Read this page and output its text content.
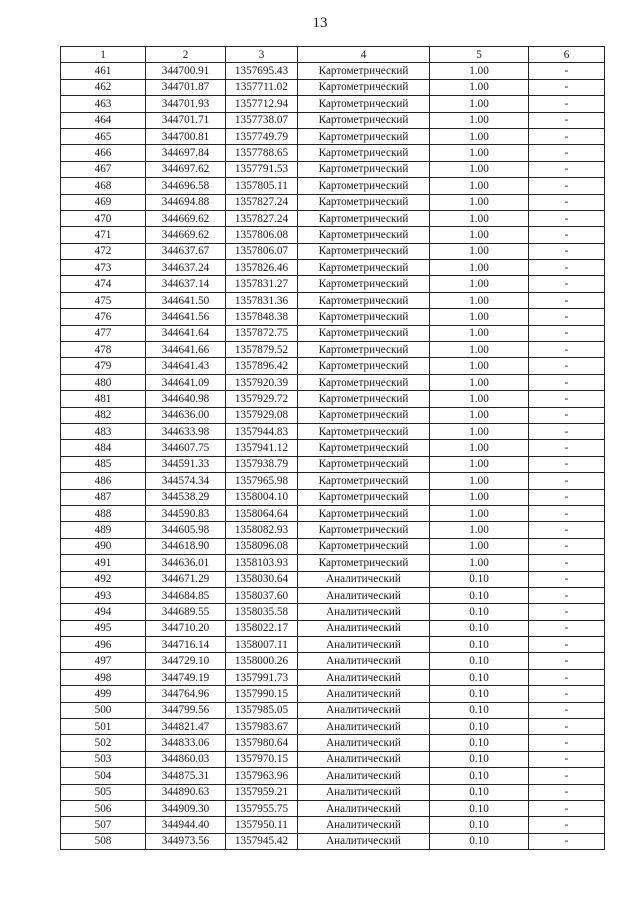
13
1	2	3	4	5	6
461	344700.91	1357695.43	Картометрический	1.00	-
462	344701.87	1357711.02	Картометрический	1.00	-
463	344701.93	1357712.94	Картометрический	1.00	-
464	344701.71	1357738.07	Картометрический	1.00	-
465	344700.81	1357749.79	Картометрический	1.00	-
466	344697.84	1357788.65	Картометрический	1.00	-
467	344697.62	1357791.53	Картометрический	1.00	-
468	344696.58	1357805.11	Картометрический	1.00	-
469	344694.88	1357827.24	Картометрический	1.00	-
470	344669.62	1357827.24	Картометрический	1.00	-
471	344669.62	1357806.08	Картометрический	1.00	-
472	344637.67	1357806.07	Картометрический	1.00	-
473	344637.24	1357826.46	Картометрический	1.00	-
474	344637.14	1357831.27	Картометрический	1.00	-
475	344641.50	1357831.36	Картометрический	1.00	-
476	344641.56	1357848.38	Картометрический	1.00	-
477	344641.64	1357872.75	Картометрический	1.00	-
478	344641.66	1357879.52	Картометрический	1.00	-
479	344641.43	1357896.42	Картометрический	1.00	-
480	344641.09	1357920.39	Картометрический	1.00	-
481	344640.98	1357929.72	Картометрический	1.00	-
482	344636.00	1357929.08	Картометрический	1.00	-
483	344633.98	1357944.83	Картометрический	1.00	-
484	344607.75	1357941.12	Картометрический	1.00	-
485	344591.33	1357938.79	Картометрический	1.00	-
486	344574.34	1357965.98	Картометрический	1.00	-
487	344538.29	1358004.10	Картометрический	1.00	-
488	344590.83	1358064.64	Картометрический	1.00	-
489	344605.98	1358082.93	Картометрический	1.00	-
490	344618.90	1358096.08	Картометрический	1.00	-
491	344636.01	1358103.93	Картометрический	1.00	-
492	344671.29	1358030.64	Аналитический	0.10	-
493	344684.85	1358037.60	Аналитический	0.10	-
494	344689.55	1358035.58	Аналитический	0.10	-
495	344710.20	1358022.17	Аналитический	0.10	-
496	344716.14	1358007.11	Аналитический	0.10	-
497	344729.10	1358000.26	Аналитический	0.10	-
498	344749.19	1357991.73	Аналитический	0.10	-
499	344764.96	1357990.15	Аналитический	0.10	-
500	344799.56	1357985.05	Аналитический	0.10	-
501	344821.47	1357983.67	Аналитический	0.10	-
502	344833.06	1357980.64	Аналитический	0.10	-
503	344860.03	1357970.15	Аналитический	0.10	-
504	344875.31	1357963.96	Аналитический	0.10	-
505	344890.63	1357959.21	Аналитический	0.10	-
506	344909.30	1357955.75	Аналитический	0.10	-
507	344944.40	1357950.11	Аналитический	0.10	-
508	344973.56	1357945.42	Аналитический	0.10	-
